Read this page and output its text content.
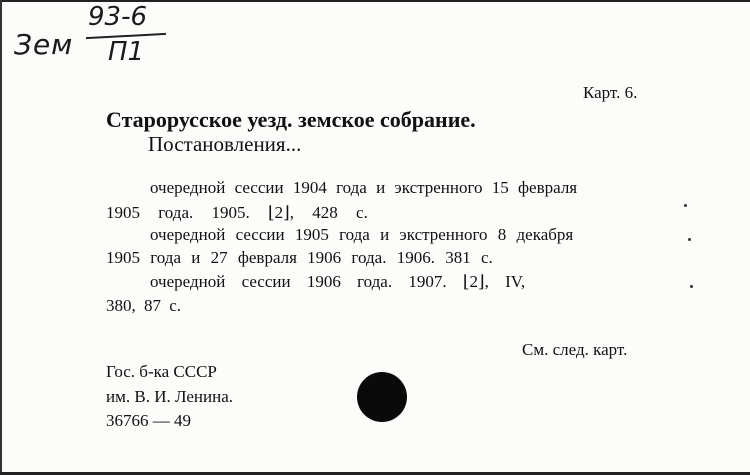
Зем
93-6
П1
Карт. 6.
Старорусское уезд. земское собрание.
Постановления...
очередной сессии 1904 года и экстренного 15 февраля
1905 года. 1905. ⌊2⌋, 428 с.
очередной сессии 1905 года и экстренного 8 декабря
1905 года и 27 февраля 1906 года. 1906. 381 с.
очередной сессии 1906 года. 1907. ⌊2⌋, IV,
380, 87 с.
См. след. карт.
Гос. б-ка СССР
им. В. И. Ленина.
36766 — 49
